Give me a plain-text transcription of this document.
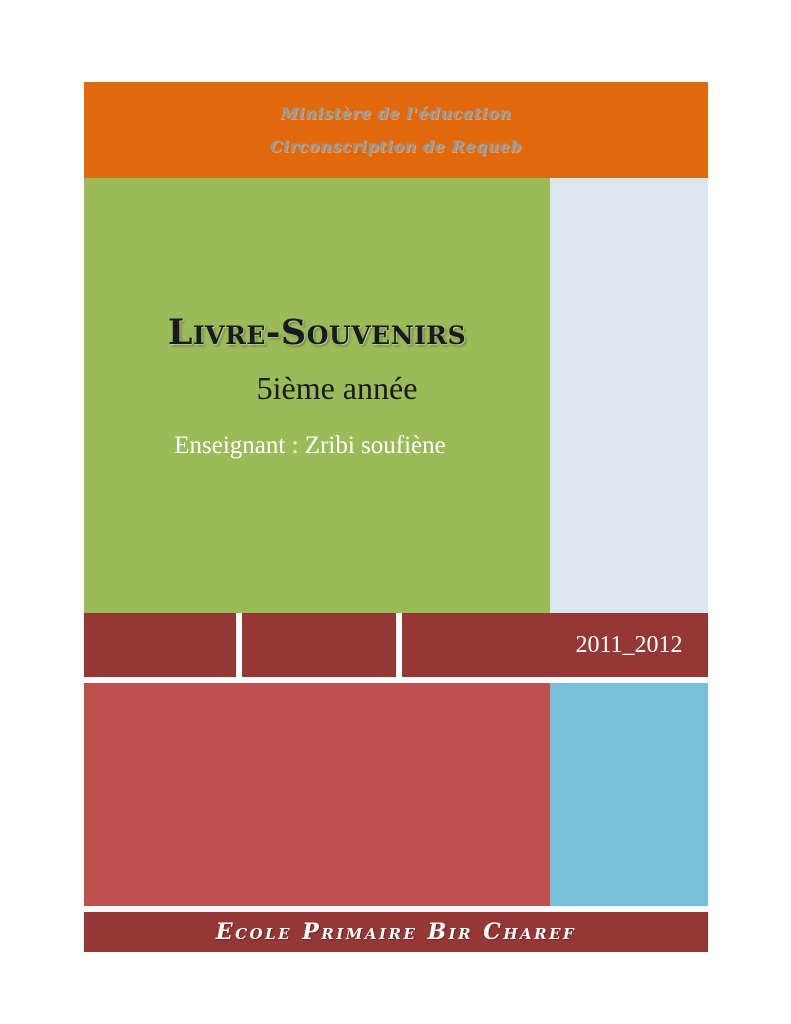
Ministère de l'éducation
Circonscription de Requeb
Livre-Souvenirs
5ième année
Enseignant : Zribi soufiène
2011_2012
Ecole Primaire Bir Charef
